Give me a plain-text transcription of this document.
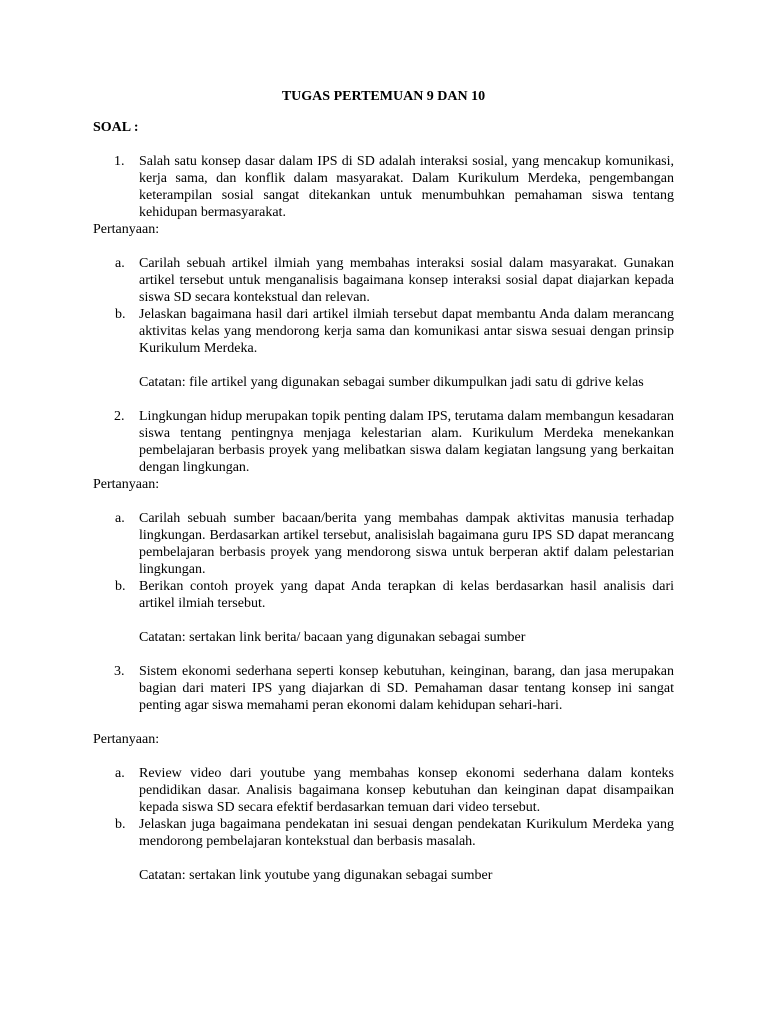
TUGAS PERTEMUAN 9 DAN 10
SOAL :
1. Salah satu konsep dasar dalam IPS di SD adalah interaksi sosial, yang mencakup komunikasi, kerja sama, dan konflik dalam masyarakat. Dalam Kurikulum Merdeka, pengembangan keterampilan sosial sangat ditekankan untuk menumbuhkan pemahaman siswa tentang kehidupan bermasyarakat.
Pertanyaan:
a. Carilah sebuah artikel ilmiah yang membahas interaksi sosial dalam masyarakat. Gunakan artikel tersebut untuk menganalisis bagaimana konsep interaksi sosial dapat diajarkan kepada siswa SD secara kontekstual dan relevan.
b. Jelaskan bagaimana hasil dari artikel ilmiah tersebut dapat membantu Anda dalam merancang aktivitas kelas yang mendorong kerja sama dan komunikasi antar siswa sesuai dengan prinsip Kurikulum Merdeka.
Catatan: file artikel yang digunakan sebagai sumber dikumpulkan jadi satu di gdrive kelas
2. Lingkungan hidup merupakan topik penting dalam IPS, terutama dalam membangun kesadaran siswa tentang pentingnya menjaga kelestarian alam. Kurikulum Merdeka menekankan pembelajaran berbasis proyek yang melibatkan siswa dalam kegiatan langsung yang berkaitan dengan lingkungan.
Pertanyaan:
a. Carilah sebuah sumber bacaan/berita yang membahas dampak aktivitas manusia terhadap lingkungan. Berdasarkan artikel tersebut, analisislah bagaimana guru IPS SD dapat merancang pembelajaran berbasis proyek yang mendorong siswa untuk berperan aktif dalam pelestarian lingkungan.
b. Berikan contoh proyek yang dapat Anda terapkan di kelas berdasarkan hasil analisis dari artikel ilmiah tersebut.
Catatan: sertakan link berita/ bacaan yang digunakan sebagai sumber
3. Sistem ekonomi sederhana seperti konsep kebutuhan, keinginan, barang, dan jasa merupakan bagian dari materi IPS yang diajarkan di SD. Pemahaman dasar tentang konsep ini sangat penting agar siswa memahami peran ekonomi dalam kehidupan sehari-hari.
Pertanyaan:
a. Review video dari youtube yang membahas konsep ekonomi sederhana dalam konteks pendidikan dasar. Analisis bagaimana konsep kebutuhan dan keinginan dapat disampaikan kepada siswa SD secara efektif berdasarkan temuan dari video tersebut.
b. Jelaskan juga bagaimana pendekatan ini sesuai dengan pendekatan Kurikulum Merdeka yang mendorong pembelajaran kontekstual dan berbasis masalah.
Catatan: sertakan link youtube yang digunakan sebagai sumber
